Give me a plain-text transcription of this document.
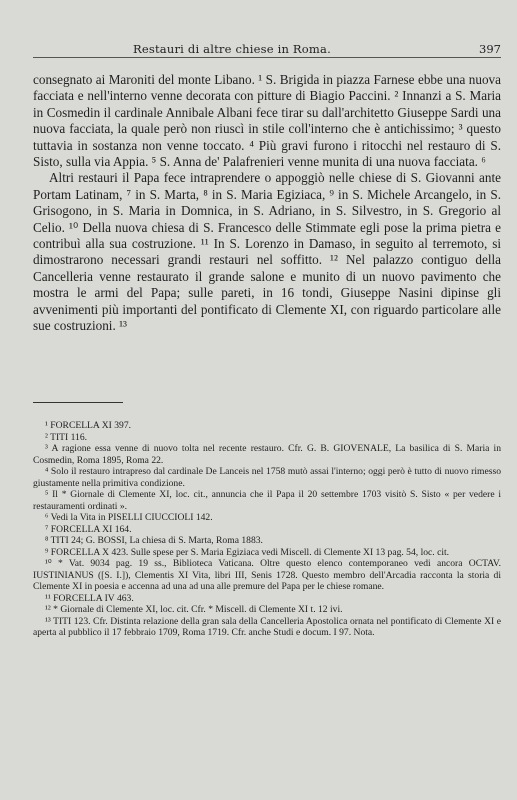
Restauri di altre chiese in Roma.	397

consegnato ai Maroniti del monte Libano. ¹ S. Brigida in piazza Farnese ebbe una nuova facciata e nell'interno venne decorata con pitture di Biagio Paccini. ² Innanzi a S. Maria in Cosmedin il cardinale Annibale Albani fece tirar su dall'architetto Giuseppe Sardi una nuova facciata, la quale però non riuscì in stile coll'interno che è antichissimo; ³ questo tuttavia in sostanza non venne toccato. ⁴ Più gravi furono i ritocchi nel restauro di S. Sisto, sulla via Appia. ⁵ S. Anna de' Palafrenieri venne munita di una nuova facciata. ⁶

Altri restauri il Papa fece intraprendere o appoggiò nelle chiese di S. Giovanni ante Portam Latinam, ⁷ in S. Marta, ⁸ in S. Maria Egiziaca, ⁹ in S. Michele Arcangelo, in S. Grisogono, in S. Maria in Domnica, in S. Adriano, in S. Silvestro, in S. Gregorio al Celio. ¹⁰ Della nuova chiesa di S. Francesco delle Stimmate egli pose la prima pietra e contribuì alla sua costruzione. ¹¹ In S. Lorenzo in Damaso, in seguito al terremoto, si dimostrarono necessari grandi restauri nel soffitto. ¹² Nel palazzo contiguo della Cancelleria venne restaurato il grande salone e munito di un nuovo pavimento che mostra le armi del Papa; sulle pareti, in 16 tondi, Giuseppe Nasini dipinse gli avvenimenti più importanti del pontificato di Clemente XI, con riguardo particolare alle sue costruzioni. ¹³

¹ FORCELLA XI 397.

² TITI 116.

³ A ragione essa venne di nuovo tolta nel recente restauro. Cfr. G. B. GIOVENALE, La basilica di S. Maria in Cosmedin, Roma 1895, Roma 22.

⁴ Solo il restauro intrapreso dal cardinale De Lanceis nel 1758 mutò assai l'interno; oggi però è tutto di nuovo rimesso giustamente nella primitiva condizione.

⁵ Il * Giornale di Clemente XI, loc. cit., annuncia che il Papa il 20 settembre 1703 visitò S. Sisto « per vedere i restauramenti ordinati ».

⁶ Vedi la Vita in PISELLI CIUCCIOLI 142.

⁷ FORCELLA XI 164.

⁸ TITI 24; G. BOSSI, La chiesa di S. Marta, Roma 1883.

⁹ FORCELLA X 423. Sulle spese per S. Maria Egiziaca vedi Miscell. di Clemente XI 13 pag. 54, loc. cit.

¹⁰ * Vat. 9034 pag. 19 ss., Biblioteca Vaticana. Oltre questo elenco contemporaneo vedi ancora OCTAV. IUSTINIANUS ([S. I.]), Clementis XI Vita, libri III, Senis 1728. Questo membro dell'Arcadia racconta la storia di Clemente XI in poesia e accenna ad una ad una alle premure del Papa per le chiese romane.

¹¹ FORCELLA IV 463.

¹² * Giornale di Clemente XI, loc. cit. Cfr. * Miscell. di Clemente XI t. 12 ivi.

¹³ TITI 123. Cfr. Distinta relazione della gran sala della Cancelleria Apostolica ornata nel pontificato di Clemente XI e aperta al pubblico il 17 febbraio 1709, Roma 1719. Cfr. anche Studi e docum. I 97. Nota.
